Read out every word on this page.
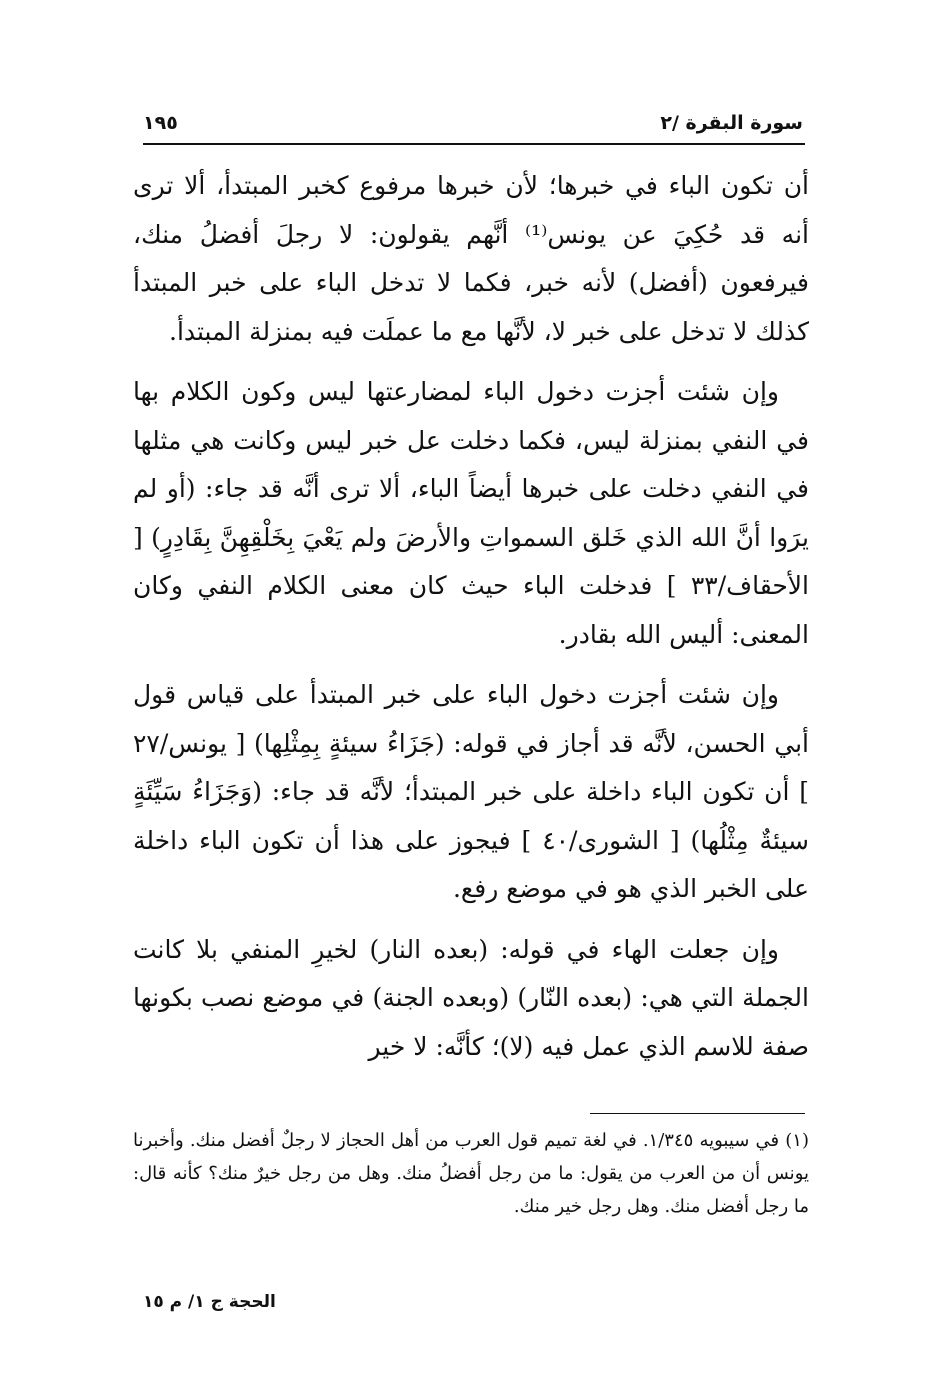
سورة البقرة /٢
١٩٥

أن تكون الباء في خبرها؛ لأن خبرها مرفوع كخبر المبتدأ، ألا ترى أنه قد حُكِيَ عن يونس⁽¹⁾ أنَّهم يقولون: لا رجلَ أفضلُ منك، فيرفعون (أفضل) لأنه خبر، فكما لا تدخل الباء على خبر المبتدأ كذلك لا تدخل على خبر لا، لأنَّها مع ما عملَت فيه بمنزلة المبتدأ.

وإن شئت أجزت دخول الباء لمضارعتها ليس وكون الكلام بها في النفي بمنزلة ليس، فكما دخلت عل خبر ليس وكانت هي مثلها في النفي دخلت على خبرها أيضاً الباء، ألا ترى أنَّه قد جاء: (أو لم يرَوا أنَّ الله الذي خَلق السمواتِ والأرضَ ولم يَعْيَ بِخَلْقِهِنَّ بِقَادِرٍ) [ الأحقاف/٣٣ ] فدخلت الباء حيث كان معنى الكلام النفي وكان المعنى: أليس الله بقادر.

وإن شئت أجزت دخول الباء على خبر المبتدأ على قياس قول أبي الحسن، لأنَّه قد أجاز في قوله: (جَزَاءُ سيئةٍ بِمِثْلِها) [ يونس/٢٧ ] أن تكون الباء داخلة على خبر المبتدأ؛ لأنَّه قد جاء: (وَجَزَاءُ سَيِّئَةٍ سيئةٌ مِثْلُها) [ الشورى/٤٠ ] فيجوز على هذا أن تكون الباء داخلة على الخبر الذي هو في موضع رفع.

وإن جعلت الهاء في قوله: (بعده النار) لخيرِ المنفي بلا كانت الجملة التي هي: (بعده النّار) (وبعده الجنة) في موضع نصب بكونها صفة للاسم الذي عمل فيه (لا)؛ كأنَّه: لا خير

(١) في سيبويه ١/٣٤٥. في لغة تميم قول العرب من أهل الحجاز لا رجلٌ أفضل منك. وأخبرنا يونس أن من العرب من يقول: ما من رجل أفضلُ منك. وهل من رجل خيرٌ منك؟ كأنه قال: ما رجل أفضل منك. وهل رجل خير منك.

الحجة ج ١/ م ١٥
